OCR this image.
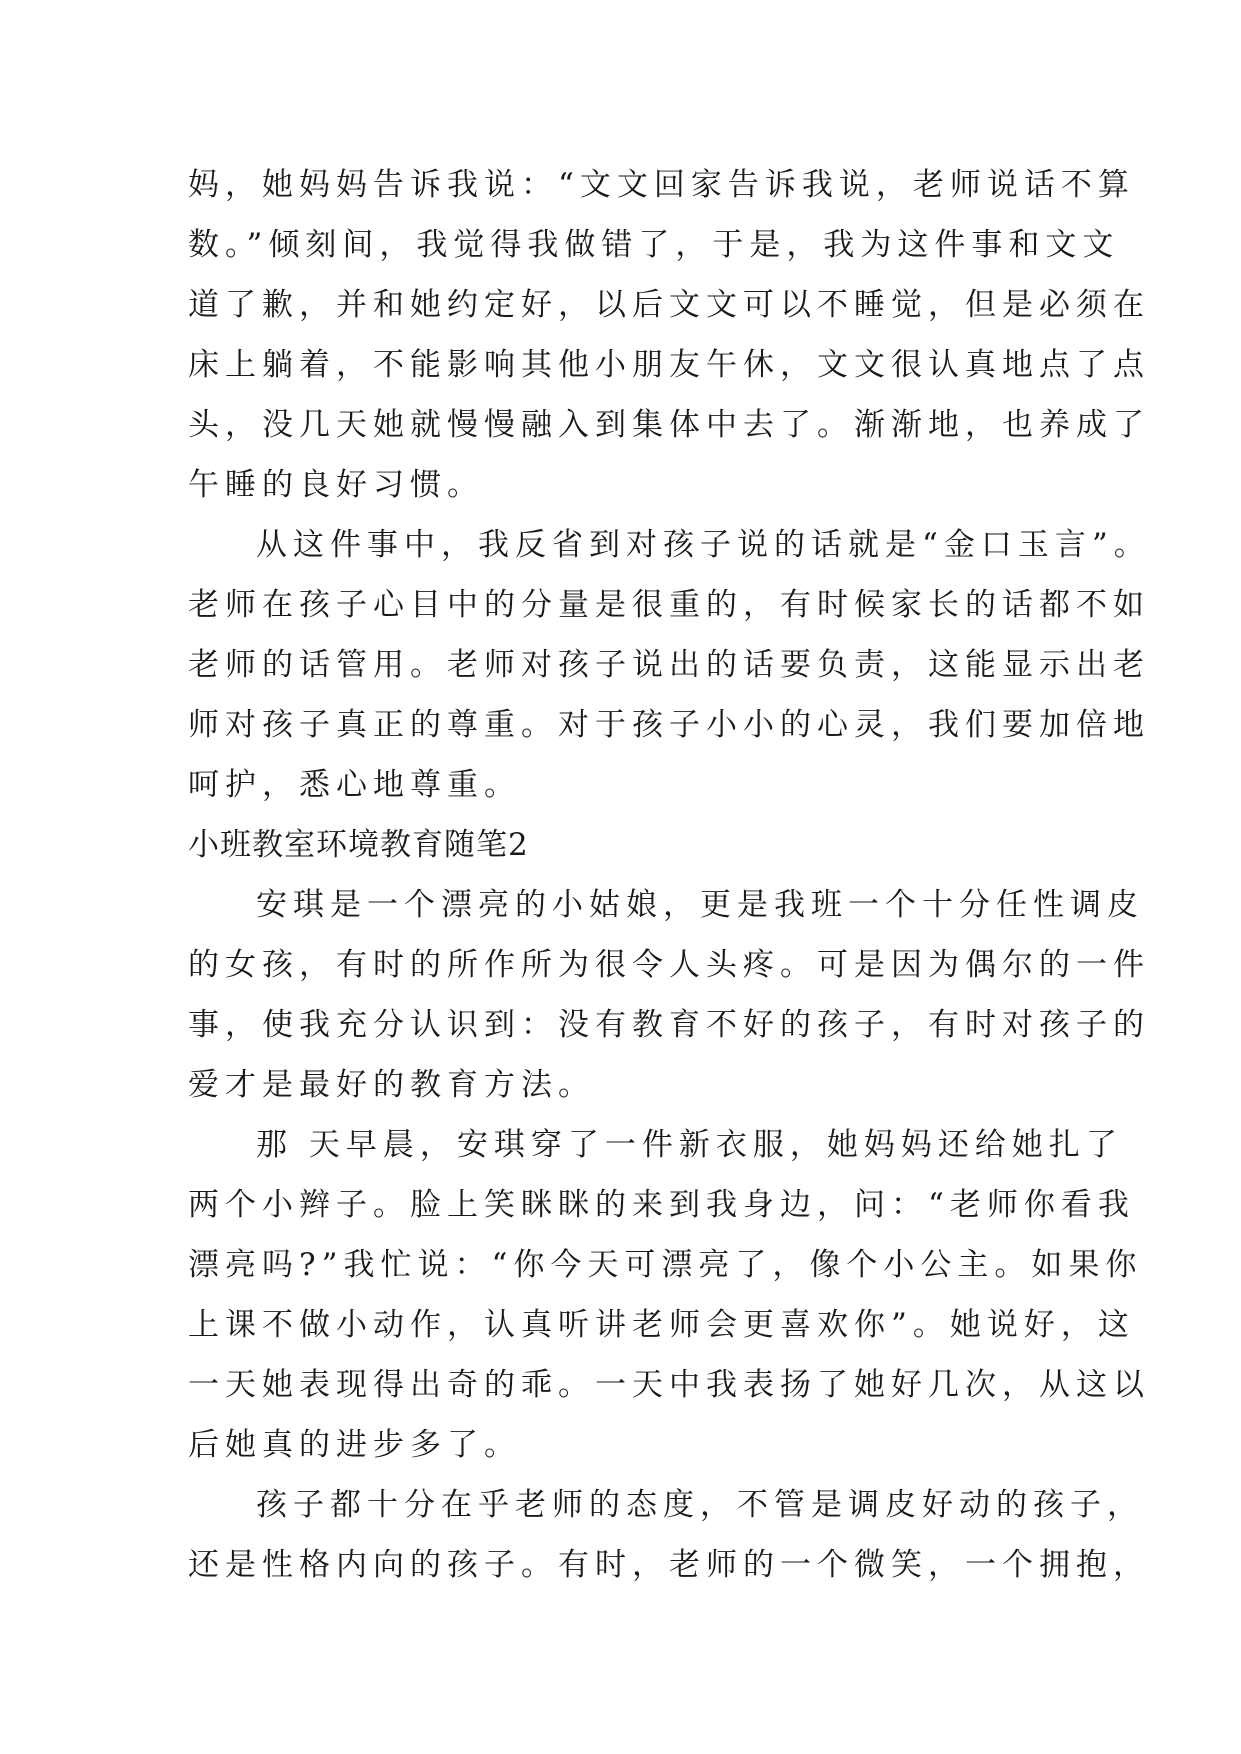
妈，她妈妈告诉我说：“文文回家告诉我说，老师说话不算
数。”倾刻间，我觉得我做错了，于是，我为这件事和文文
道了歉，并和她约定好，以后文文可以不睡觉，但是必须在
床上躺着，不能影响其他小朋友午休，文文很认真地点了点
头，没几天她就慢慢融入到集体中去了。渐渐地，也养成了
午睡的良好习惯。
从这件事中，我反省到对孩子说的话就是“金口玉言”。
老师在孩子心目中的分量是很重的，有时候家长的话都不如
老师的话管用。老师对孩子说出的话要负责，这能显示出老
师对孩子真正的尊重。对于孩子小小的心灵，我们要加倍地
呵护，悉心地尊重。
小班教室环境教育随笔2
安琪是一个漂亮的小姑娘，更是我班一个十分任性调皮
的女孩，有时的所作所为很令人头疼。可是因为偶尔的一件
事，使我充分认识到：没有教育不好的孩子，有时对孩子的
爱才是最好的教育方法。
那 天早晨，安琪穿了一件新衣服，她妈妈还给她扎了
两个小辫子。脸上笑眯眯的来到我身边，问：“老师你看我
漂亮吗?”我忙说：“你今天可漂亮了，像个小公主。如果你
上课不做小动作，认真听讲老师会更喜欢你”。她说好，这
一天她表现得出奇的乖。一天中我表扬了她好几次，从这以
后她真的进步多了。
孩子都十分在乎老师的态度，不管是调皮好动的孩子，
还是性格内向的孩子。有时，老师的一个微笑，一个拥抱，
